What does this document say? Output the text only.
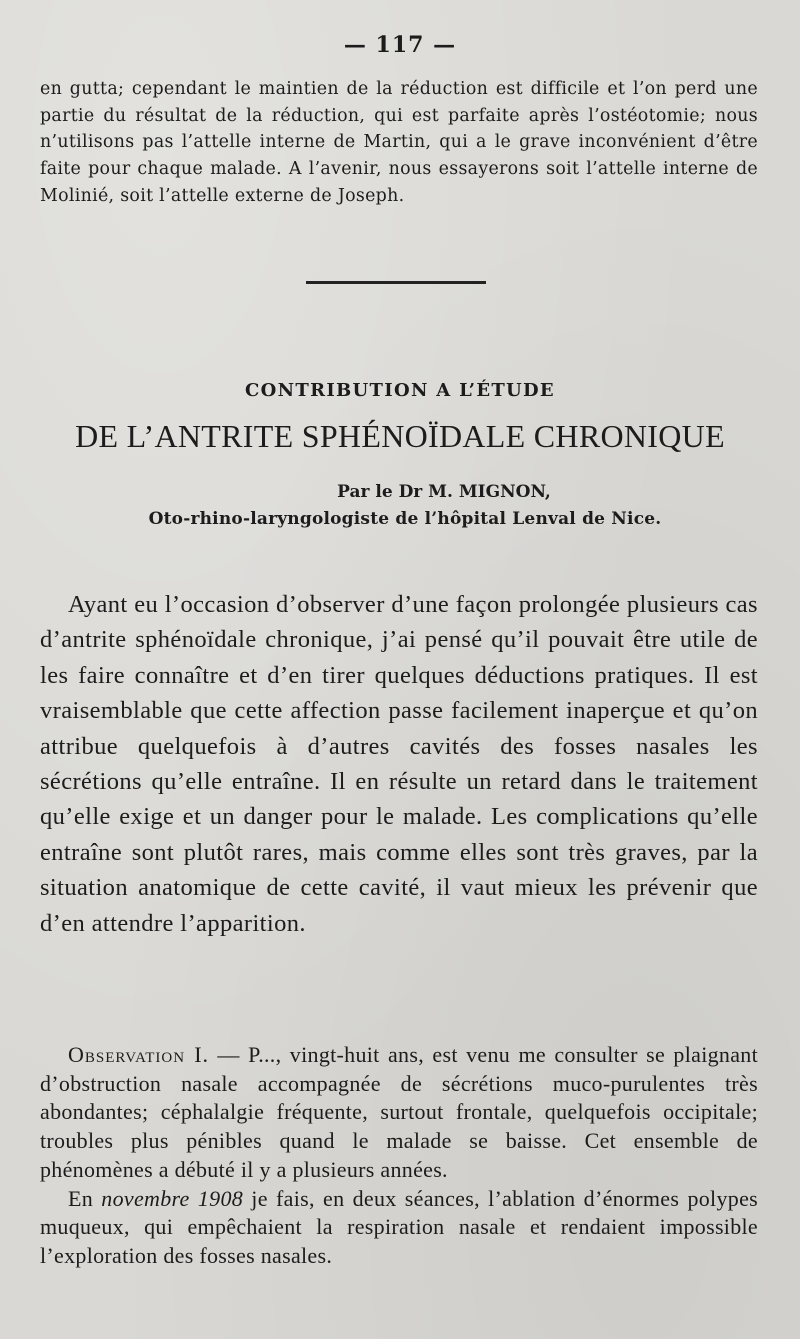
— 117 —
en gutta; cependant le maintien de la réduction est difficile et l’on perd une partie du résultat de la réduction, qui est parfaite après l’ostéotomie; nous n’utilisons pas l’attelle interne de Martin, qui a le grave inconvénient d’être faite pour chaque malade. A l’avenir, nous essayerons soit l’attelle interne de Molinié, soit l’attelle externe de Joseph.
CONTRIBUTION A L’ÉTUDE
DE L’ANTRITE SPHÉNOÏDALE CHRONIQUE
Par le Dr M. MIGNON,
Oto-rhino-laryngologiste de l’hôpital Lenval de Nice.

Ayant eu l’occasion d’observer d’une façon prolongée plusieurs cas d’antrite sphénoïdale chronique, j’ai pensé qu’il pouvait être utile de les faire connaître et d’en tirer quelques déductions pratiques. Il est vraisemblable que cette affection passe facilement inaperçue et qu’on attribue quelquefois à d’autres cavités des fosses nasales les sécrétions qu’elle entraîne. Il en résulte un retard dans le traitement qu’elle exige et un danger pour le malade. Les complications qu’elle entraîne sont plutôt rares, mais comme elles sont très graves, par la situation anatomique de cette cavité, il vaut mieux les prévenir que d’en attendre l’apparition.

Observation I. — P..., vingt-huit ans, est venu me consulter se plaignant d’obstruction nasale accompagnée de sécrétions muco-purulentes très abondantes; céphalalgie fréquente, surtout frontale, quelquefois occipitale; troubles plus pénibles quand le malade se baisse. Cet ensemble de phénomènes a débuté il y a plusieurs années.

En novembre 1908 je fais, en deux séances, l’ablation d’énormes polypes muqueux, qui empêchaient la respiration nasale et rendaient impossible l’exploration des fosses nasales.
